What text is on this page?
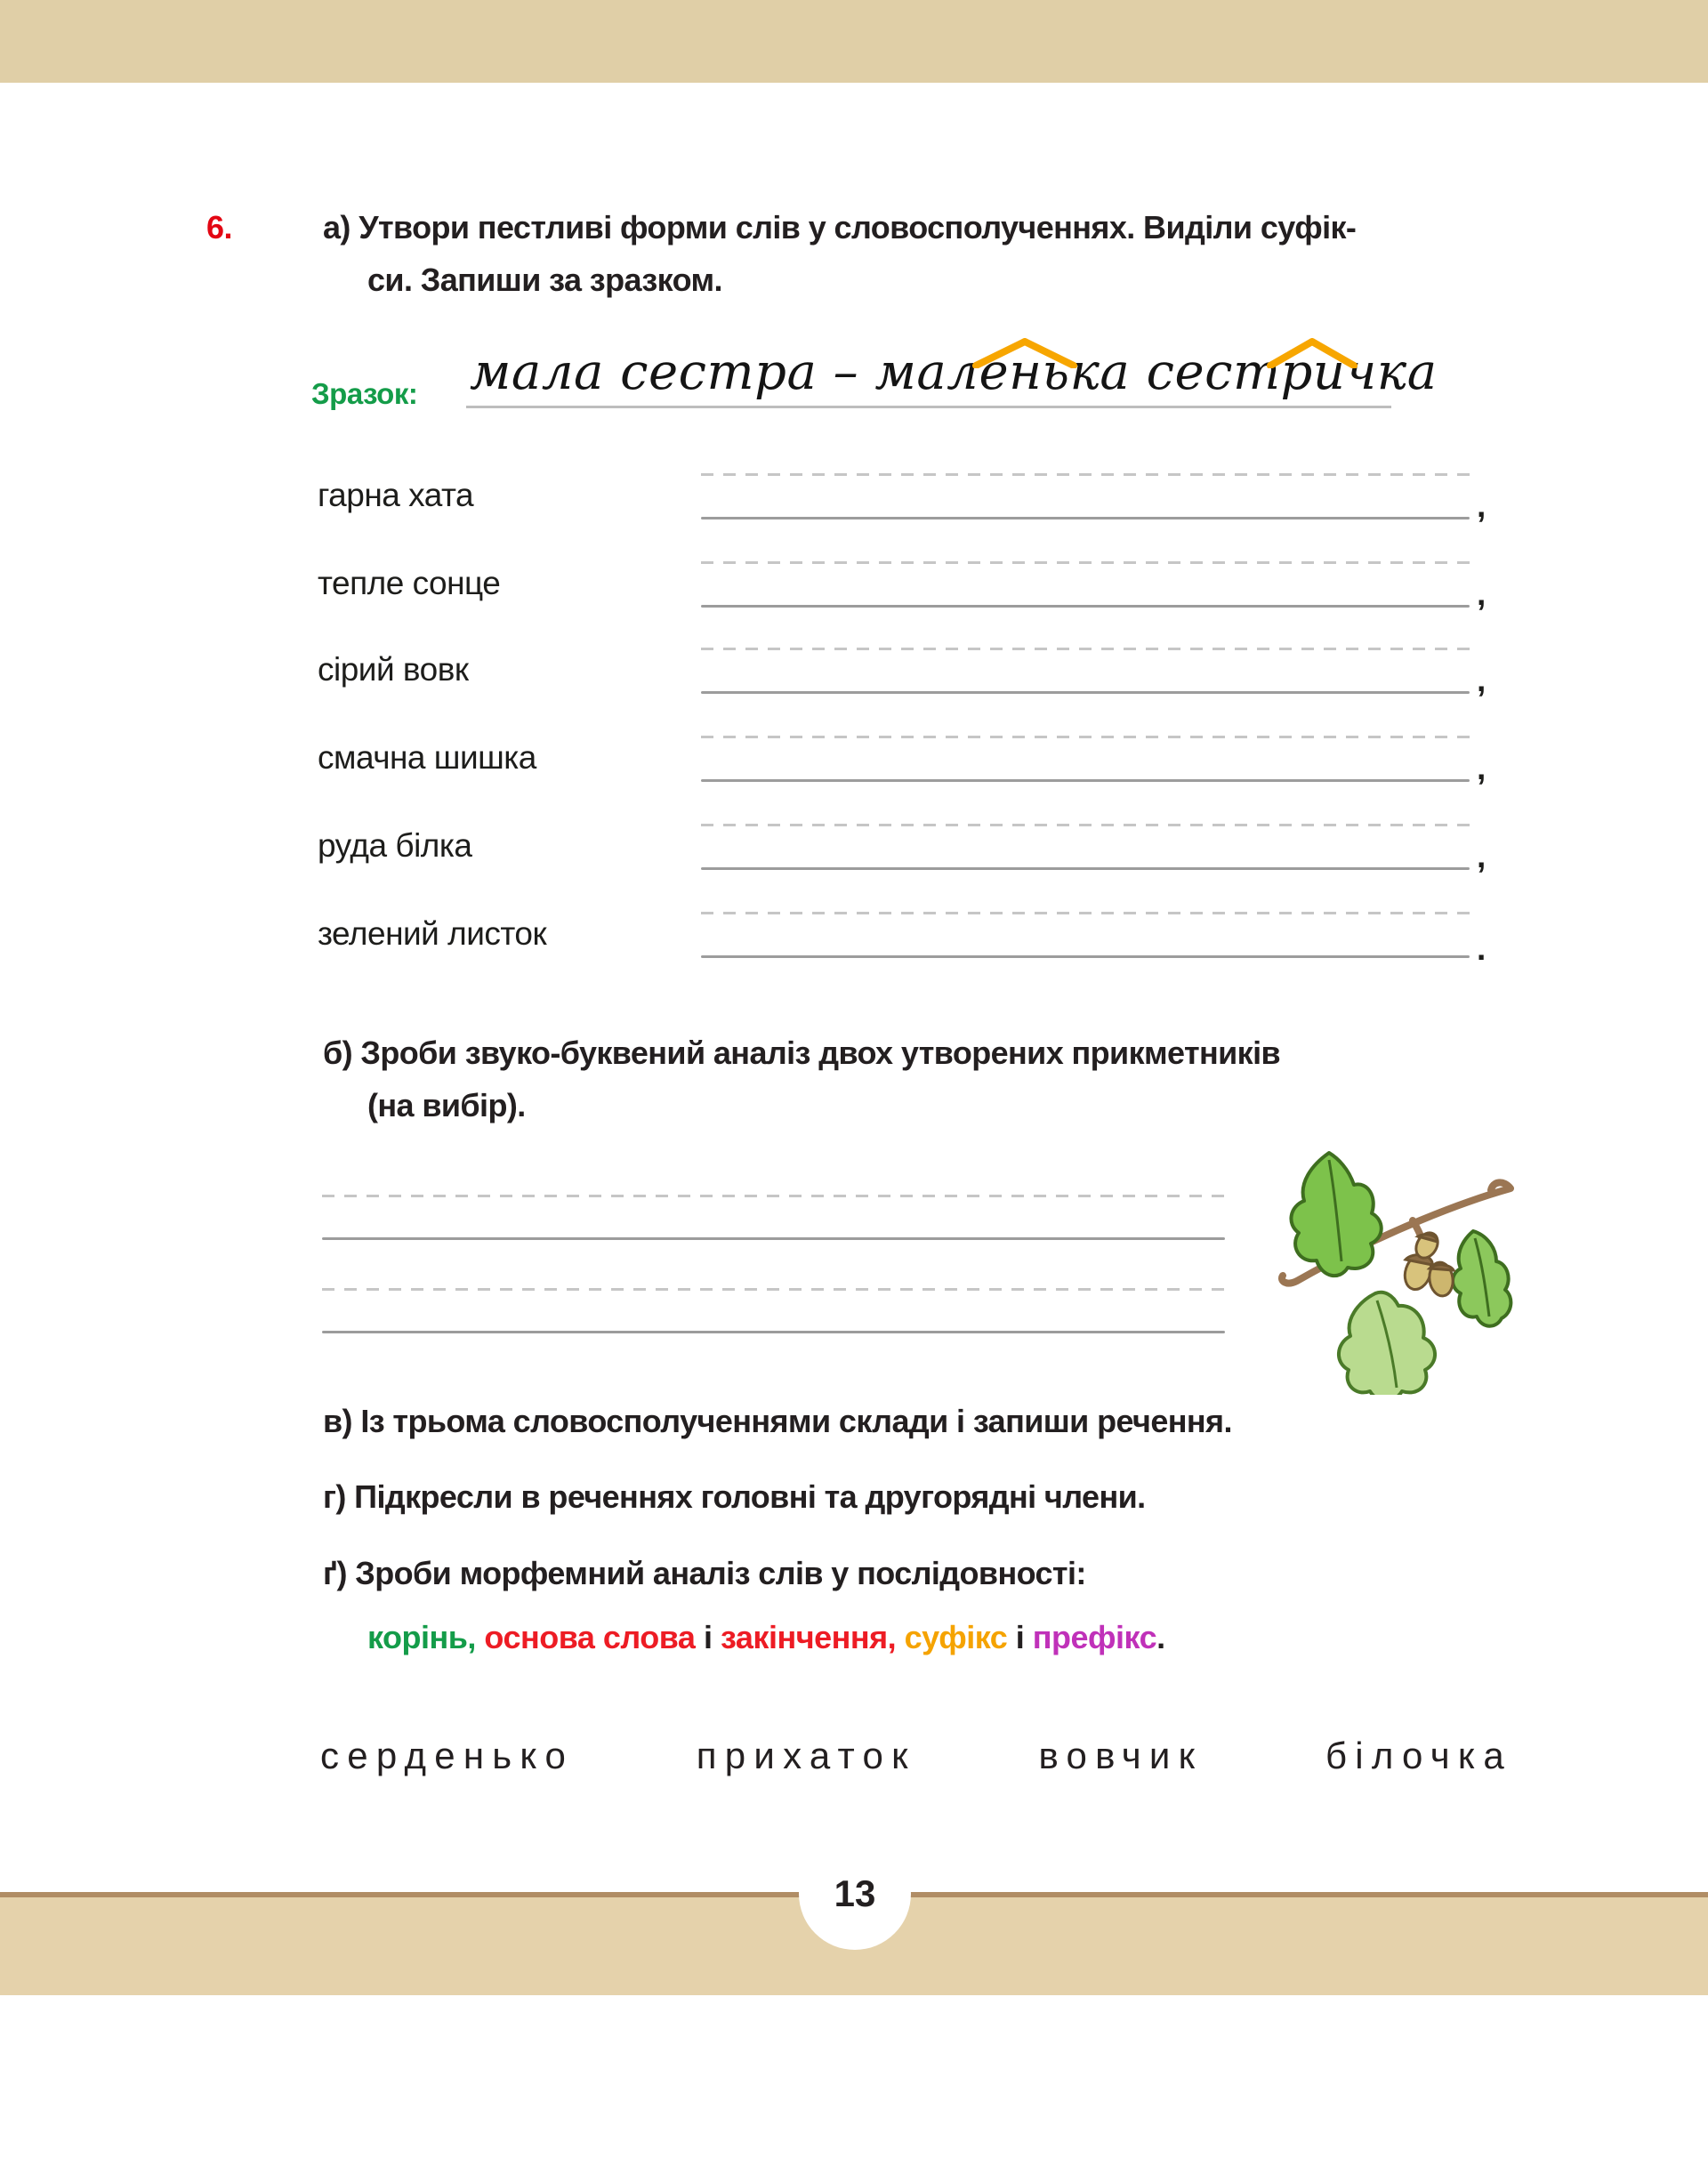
6.	а) Утвори пестливі форми слів у словосполученнях. Виділи суфік-
си. Запиши за зразком.
Зразок: мала сестра – маленька сестричка
гарна хата	,
тепле сонце	,
сірий вовк	,
смачна шишка	,
руда білка	,
зелений листок	.
б) Зроби звуко-буквений аналіз двох утворених прикметників
(на вибір).
в) Із трьома словосполученнями склади і запиши речення.
г) Підкресли в реченнях головні та другорядні члени.
ґ) Зроби морфемний аналіз слів у послідовності:
корінь, основа слова і закінчення, суфікс і префікс.
серденько	прихаток	вовчик	білочка
13
